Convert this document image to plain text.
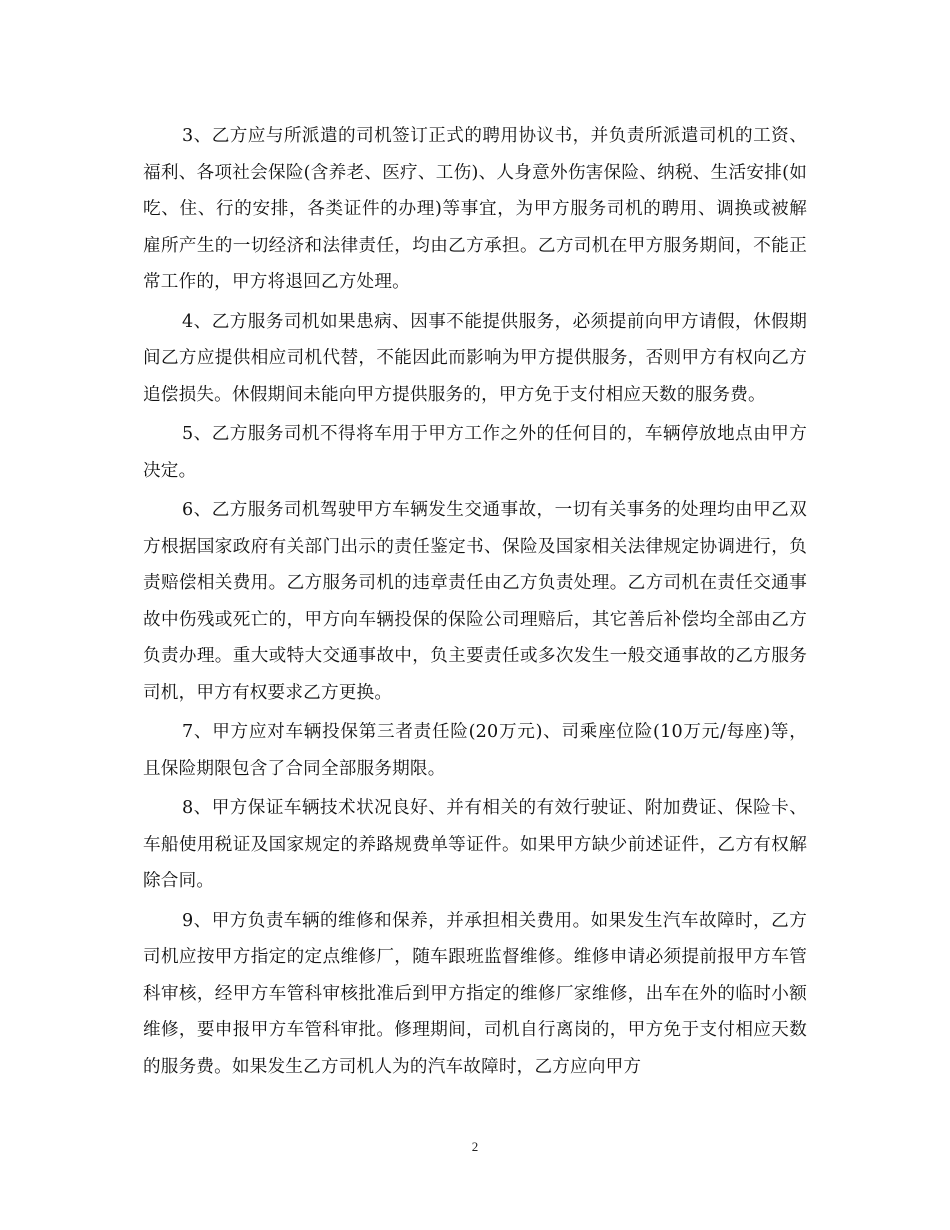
3、乙方应与所派遣的司机签订正式的聘用协议书，并负责所派遣司机的工资、福利、各项社会保险(含养老、医疗、工伤)、人身意外伤害保险、纳税、生活安排(如吃、住、行的安排，各类证件的办理)等事宜，为甲方服务司机的聘用、调换或被解雇所产生的一切经济和法律责任，均由乙方承担。乙方司机在甲方服务期间，不能正常工作的，甲方将退回乙方处理。

4、乙方服务司机如果患病、因事不能提供服务，必须提前向甲方请假，休假期间乙方应提供相应司机代替，不能因此而影响为甲方提供服务，否则甲方有权向乙方追偿损失。休假期间未能向甲方提供服务的，甲方免于支付相应天数的服务费。

5、乙方服务司机不得将车用于甲方工作之外的任何目的，车辆停放地点由甲方决定。

6、乙方服务司机驾驶甲方车辆发生交通事故，一切有关事务的处理均由甲乙双方根据国家政府有关部门出示的责任鉴定书、保险及国家相关法律规定协调进行，负责赔偿相关费用。乙方服务司机的违章责任由乙方负责处理。乙方司机在责任交通事故中伤残或死亡的，甲方向车辆投保的保险公司理赔后，其它善后补偿均全部由乙方负责办理。重大或特大交通事故中，负主要责任或多次发生一般交通事故的乙方服务司机，甲方有权要求乙方更换。

7、甲方应对车辆投保第三者责任险(20万元)、司乘座位险(10万元/每座)等，且保险期限包含了合同全部服务期限。

8、甲方保证车辆技术状况良好、并有相关的有效行驶证、附加费证、保险卡、车船使用税证及国家规定的养路规费单等证件。如果甲方缺少前述证件，乙方有权解除合同。

9、甲方负责车辆的维修和保养，并承担相关费用。如果发生汽车故障时，乙方司机应按甲方指定的定点维修厂，随车跟班监督维修。维修申请必须提前报甲方车管科审核，经甲方车管科审核批准后到甲方指定的维修厂家维修，出车在外的临时小额维修，要申报甲方车管科审批。修理期间，司机自行离岗的，甲方免于支付相应天数的服务费。如果发生乙方司机人为的汽车故障时，乙方应向甲方

2
